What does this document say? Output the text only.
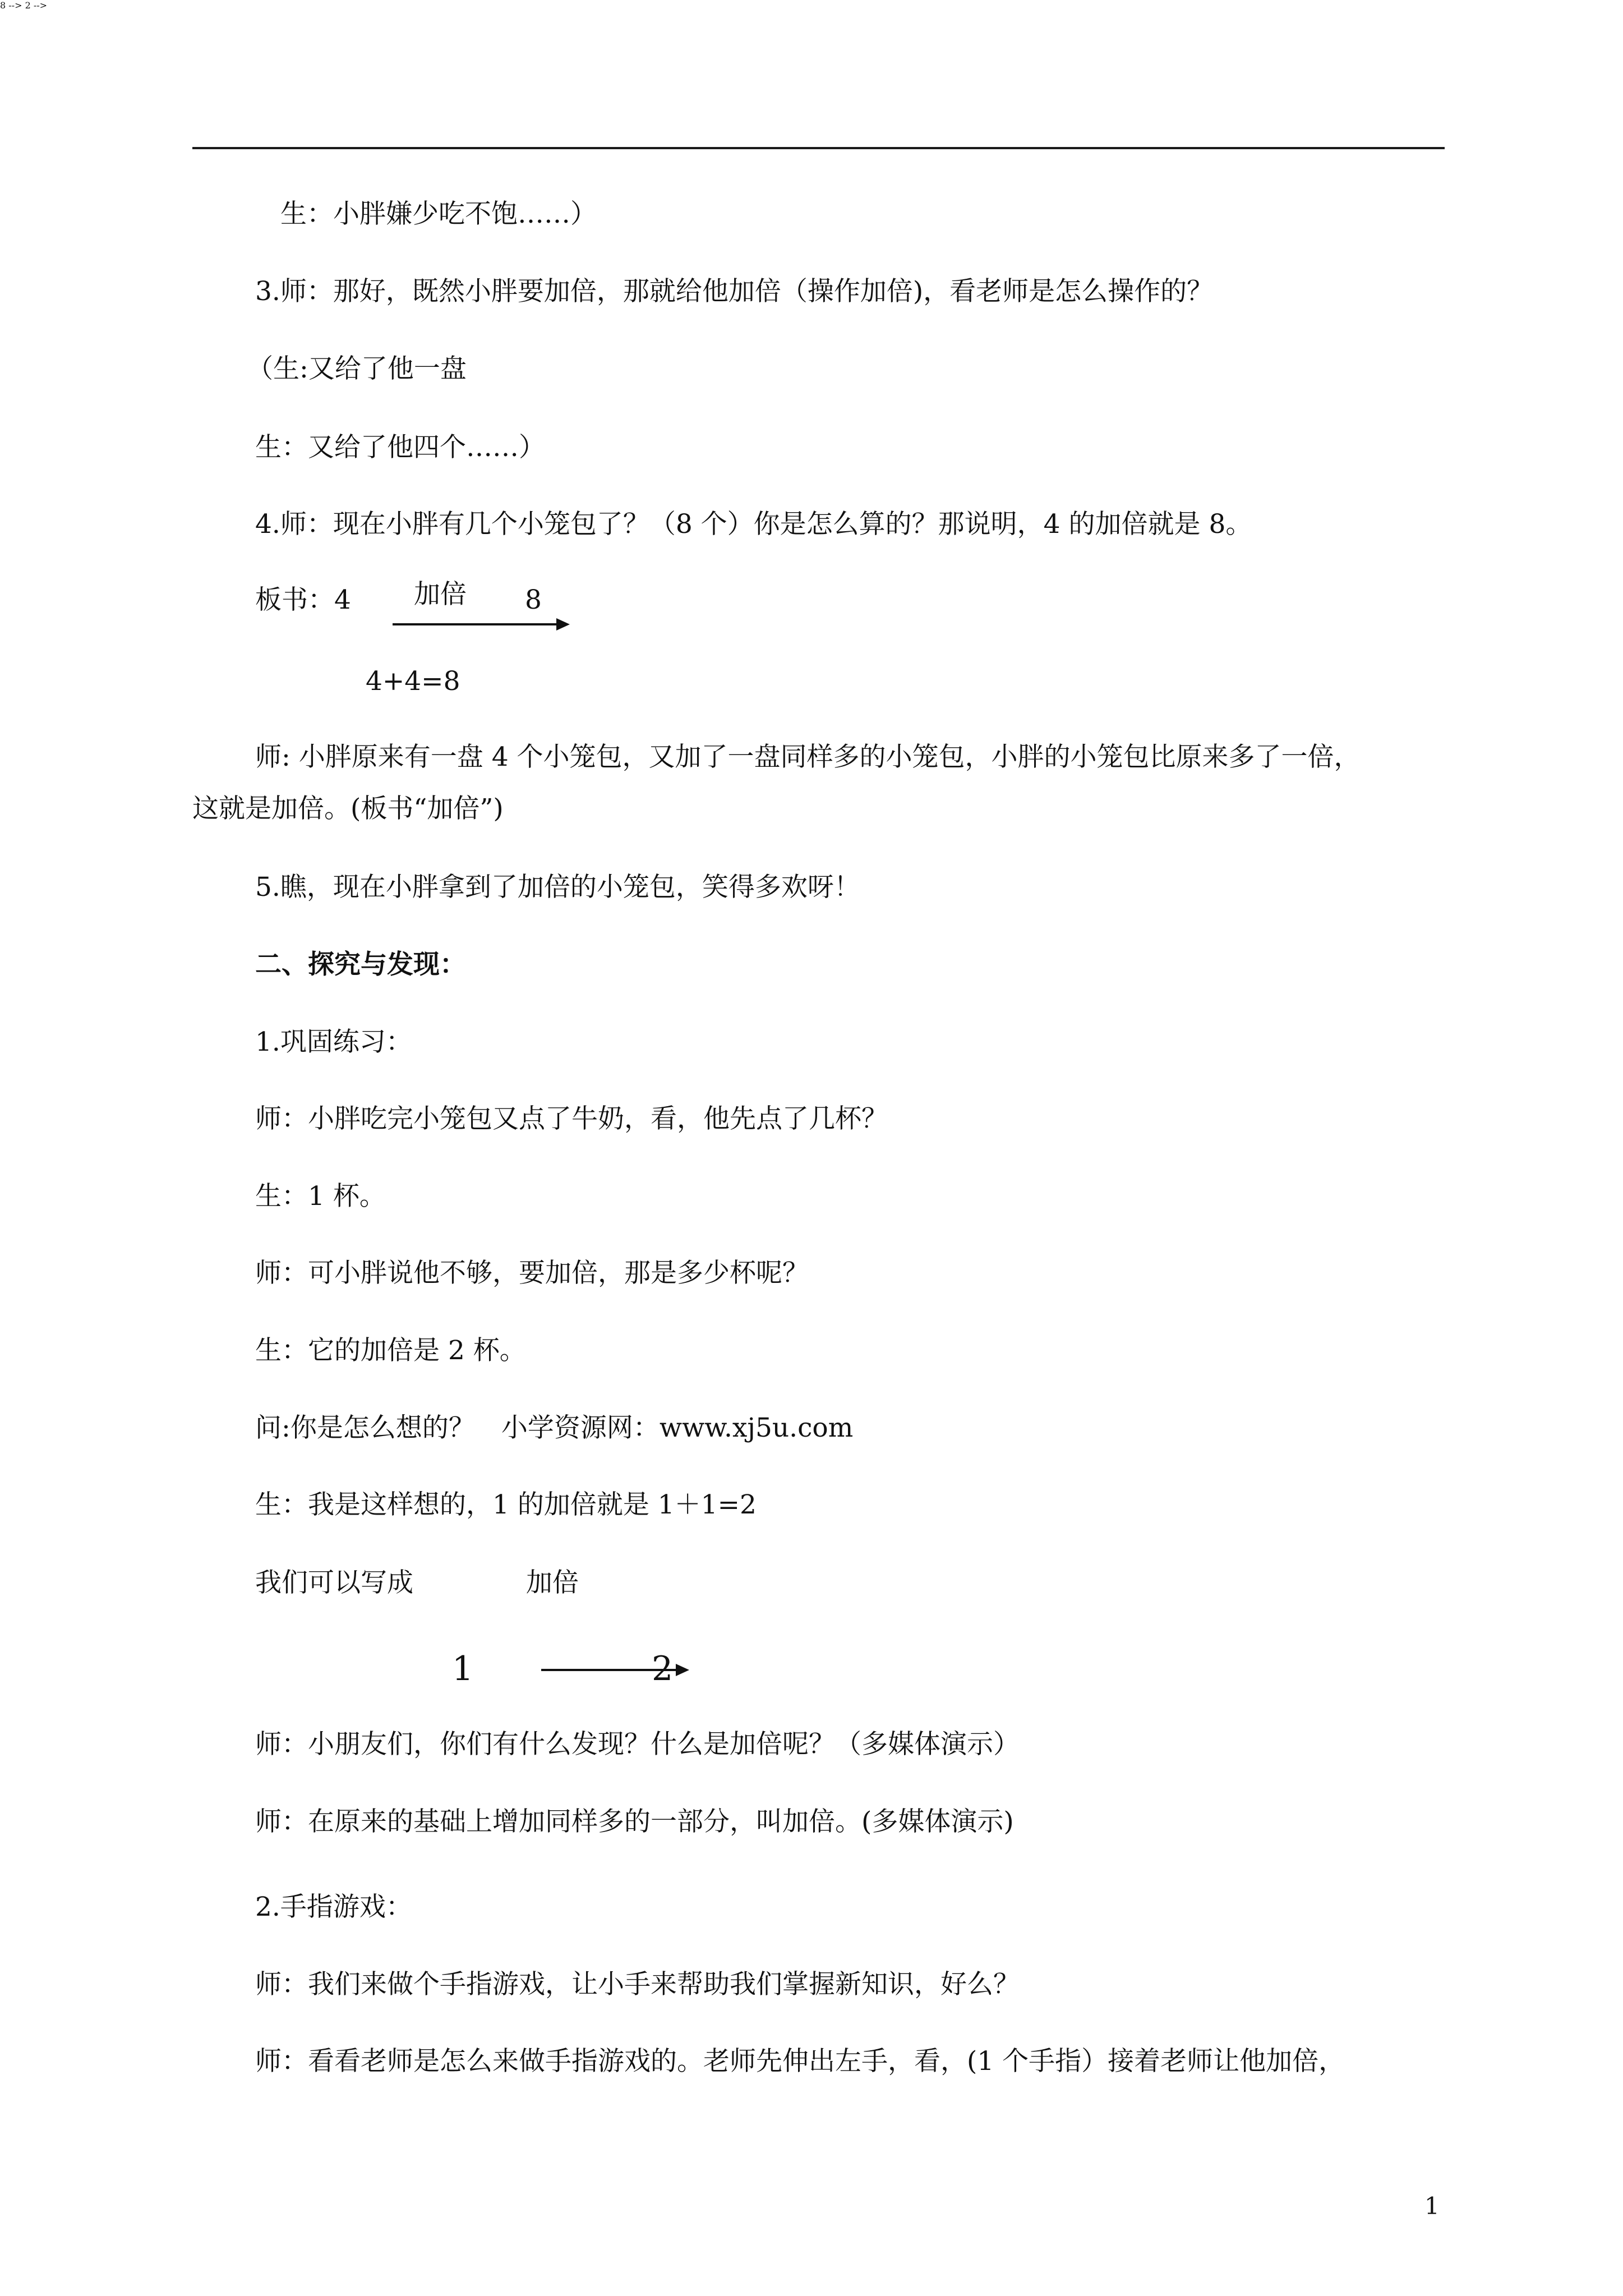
生：小胖嫌少吃不饱……）
3.师：那好，既然小胖要加倍，那就给他加倍（操作加倍)，看老师是怎么操作的？
（生:又给了他一盘
生：又给了他四个……）
4.师：现在小胖有几个小笼包了？（8 个）你是怎么算的？那说明，4 的加倍就是 8。
8 -->
板书：4 加倍 8
4+4=8
师: 小胖原来有一盘 4 个小笼包，又加了一盘同样多的小笼包，小胖的小笼包比原来多了一倍，
这就是加倍。(板书“加倍”)
5.瞧，现在小胖拿到了加倍的小笼包，笑得多欢呀！
二、探究与发现：
1.巩固练习：
师：小胖吃完小笼包又点了牛奶，看，他先点了几杯？
生：1 杯。
师：可小胖说他不够，要加倍，那是多少杯呢？
生：它的加倍是 2 杯。
问:你是怎么想的？　小学资源网：www.xj5u.com
生：我是这样想的，1 的加倍就是 1＋1=2
2 -->
我们可以写成	加倍
1	2
师：小朋友们，你们有什么发现？什么是加倍呢？（多媒体演示）
师：在原来的基础上增加同样多的一部分，叫加倍。(多媒体演示)
2.手指游戏：
师：我们来做个手指游戏，让小手来帮助我们掌握新知识，好么？
师：看看老师是怎么来做手指游戏的。老师先伸出左手，看，(1 个手指）接着老师让他加倍，
1
